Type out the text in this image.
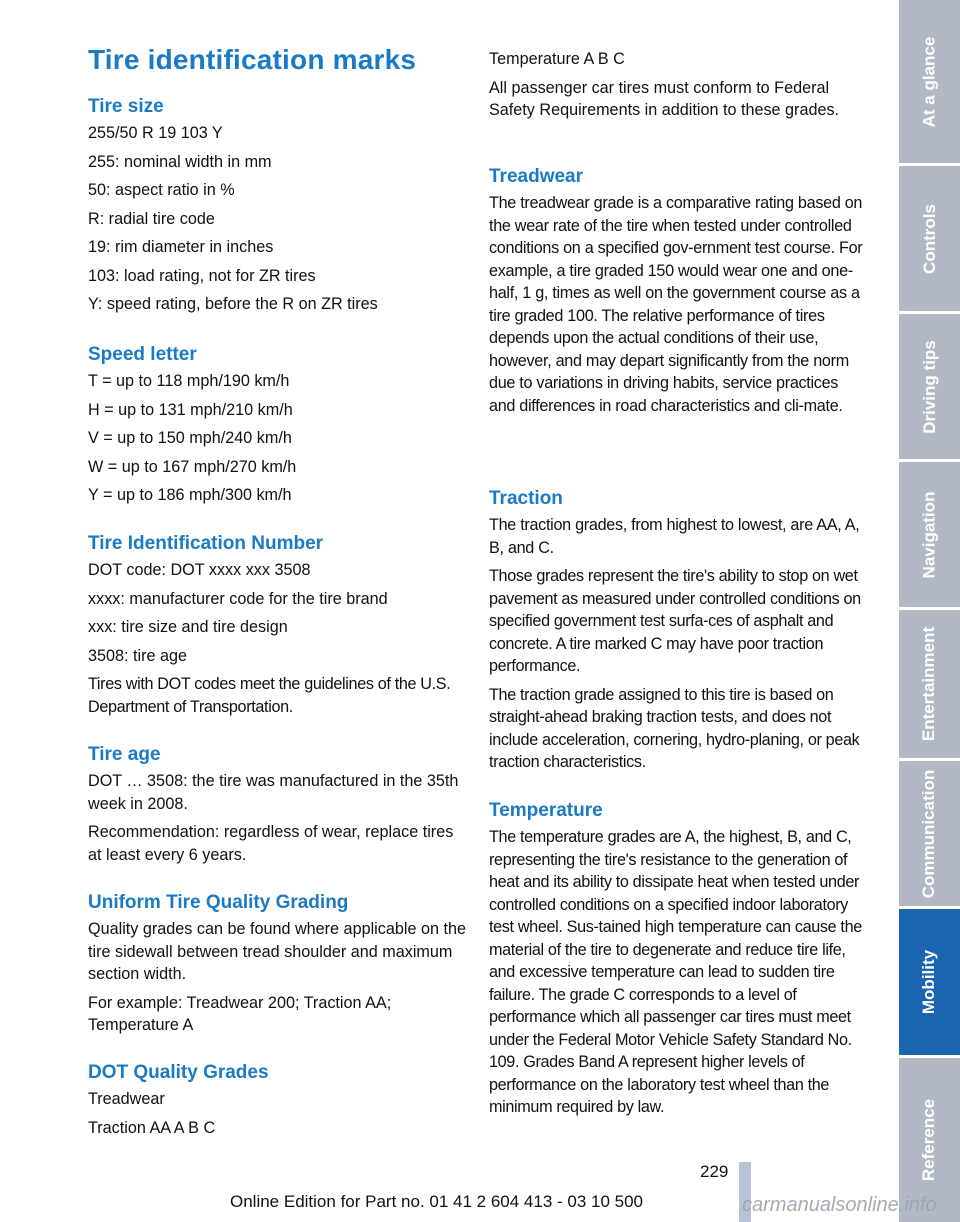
Tire identification marks
Tire size

255/50 R 19 103 Y

255: nominal width in mm

50: aspect ratio in %

R: radial tire code

19: rim diameter in inches

103: load rating, not for ZR tires

Y: speed rating, before the R on ZR tires

Speed letter

T = up to 118 mph/190 km/h

H = up to 131 mph/210 km/h

V = up to 150 mph/240 km/h

W = up to 167 mph/270 km/h

Y = up to 186 mph/300 km/h

Tire Identification Number

DOT code: DOT xxxx xxx 3508

xxxx: manufacturer code for the tire brand

xxx: tire size and tire design

3508: tire age

Tires with DOT codes meet the guidelines of the U.S. Department of Transportation.

Tire age

DOT … 3508: the tire was manufactured in the 35th week in 2008.

Recommendation: regardless of wear, replace tires at least every 6 years.

Uniform Tire Quality Grading

Quality grades can be found where applicable on the tire sidewall between tread shoulder and maximum section width.

For example: Treadwear 200; Traction AA; Temperature A

DOT Quality Grades

Treadwear

Traction AA A B C

Temperature A B C

All passenger car tires must conform to Federal Safety Requirements in addition to these grades.

Treadwear

The treadwear grade is a comparative rating based on the wear rate of the tire when tested under controlled conditions on a specified gov-ernment test course. For example, a tire graded 150 would wear one and one-half, 1 g, times as well on the government course as a tire graded 100. The relative performance of tires depends upon the actual conditions of their use, however, and may depart significantly from the norm due to variations in driving habits, service practices and differences in road characteristics and cli-mate.

Traction

The traction grades, from highest to lowest, are AA, A, B, and C.

Those grades represent the tire's ability to stop on wet pavement as measured under controlled conditions on specified government test surfa-ces of asphalt and concrete. A tire marked C may have poor traction performance.

The traction grade assigned to this tire is based on straight-ahead braking traction tests, and does not include acceleration, cornering, hydro-planing, or peak traction characteristics.

Temperature

The temperature grades are A, the highest, B, and C, representing the tire's resistance to the generation of heat and its ability to dissipate heat when tested under controlled conditions on a specified indoor laboratory test wheel. Sus-tained high temperature can cause the material of the tire to degenerate and reduce tire life, and excessive temperature can lead to sudden tire failure. The grade C corresponds to a level of performance which all passenger car tires must meet under the Federal Motor Vehicle Safety Standard No. 109. Grades Band A represent higher levels of performance on the laboratory test wheel than the minimum required by law.

At a glance
Controls
Driving tips
Navigation
Entertainment
Communication
Mobility
Reference
229
Online Edition for Part no. 01 41 2 604 413 - 03 10 500	carmanualsonline.info
